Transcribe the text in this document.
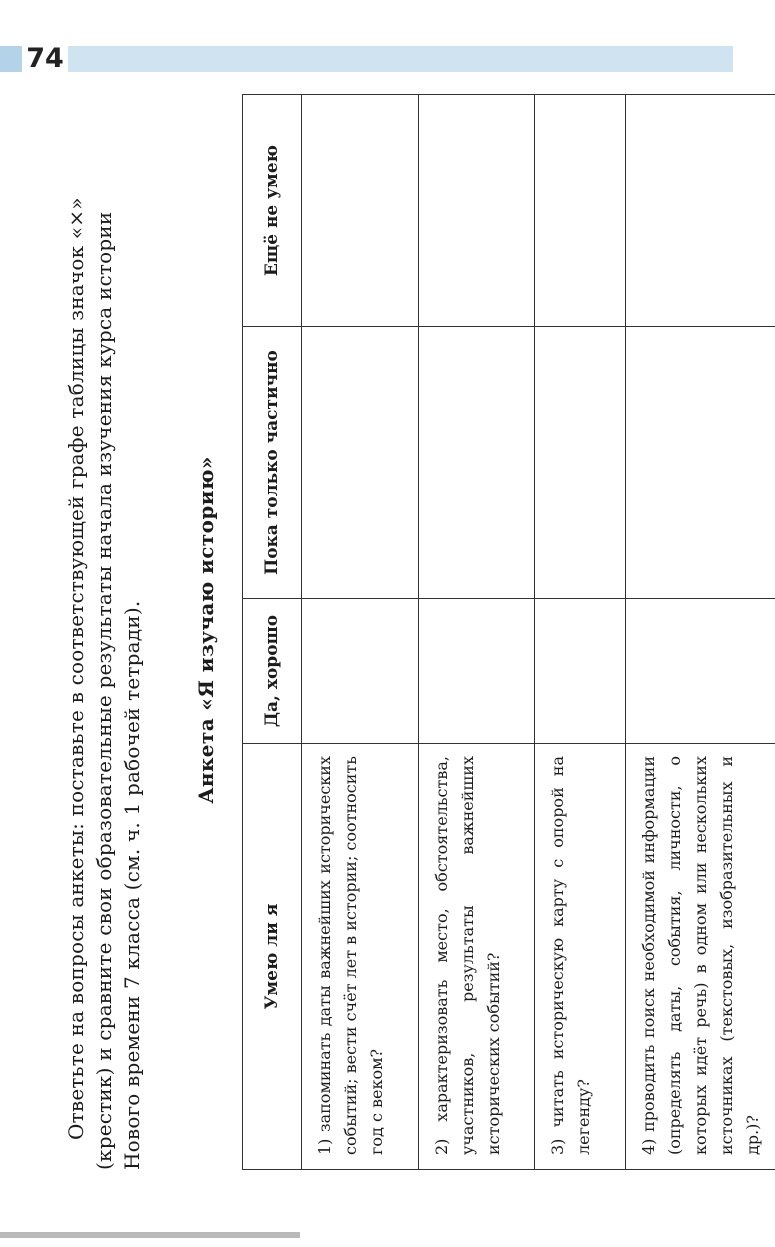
74
Ответьте на вопросы анкеты: поставьте в соответствующей графе таблицы значок «×» (крестик) и сравните свои образовательные результаты начала изучения курса истории Нового времени 7 класса (см. ч. 1 рабочей тетради).	Анкета «Я изучаю историю»
Умею ли я	Да, хорошо	Пока только частично	Ещё не умею
1) запоминать даты важнейших исторических событий; вести счёт лет в истории; соотносить год с веком?			
2) характеризовать место, обстоятельства, участников, результаты важнейших исторических событий?			
3) читать историческую карту с опорой на легенду?			
4) проводить поиск необходимой информации (определять даты, события, личности, о которых идёт речь) в одном или нескольких источниках (текстовых, изобразительных и др.)?			
